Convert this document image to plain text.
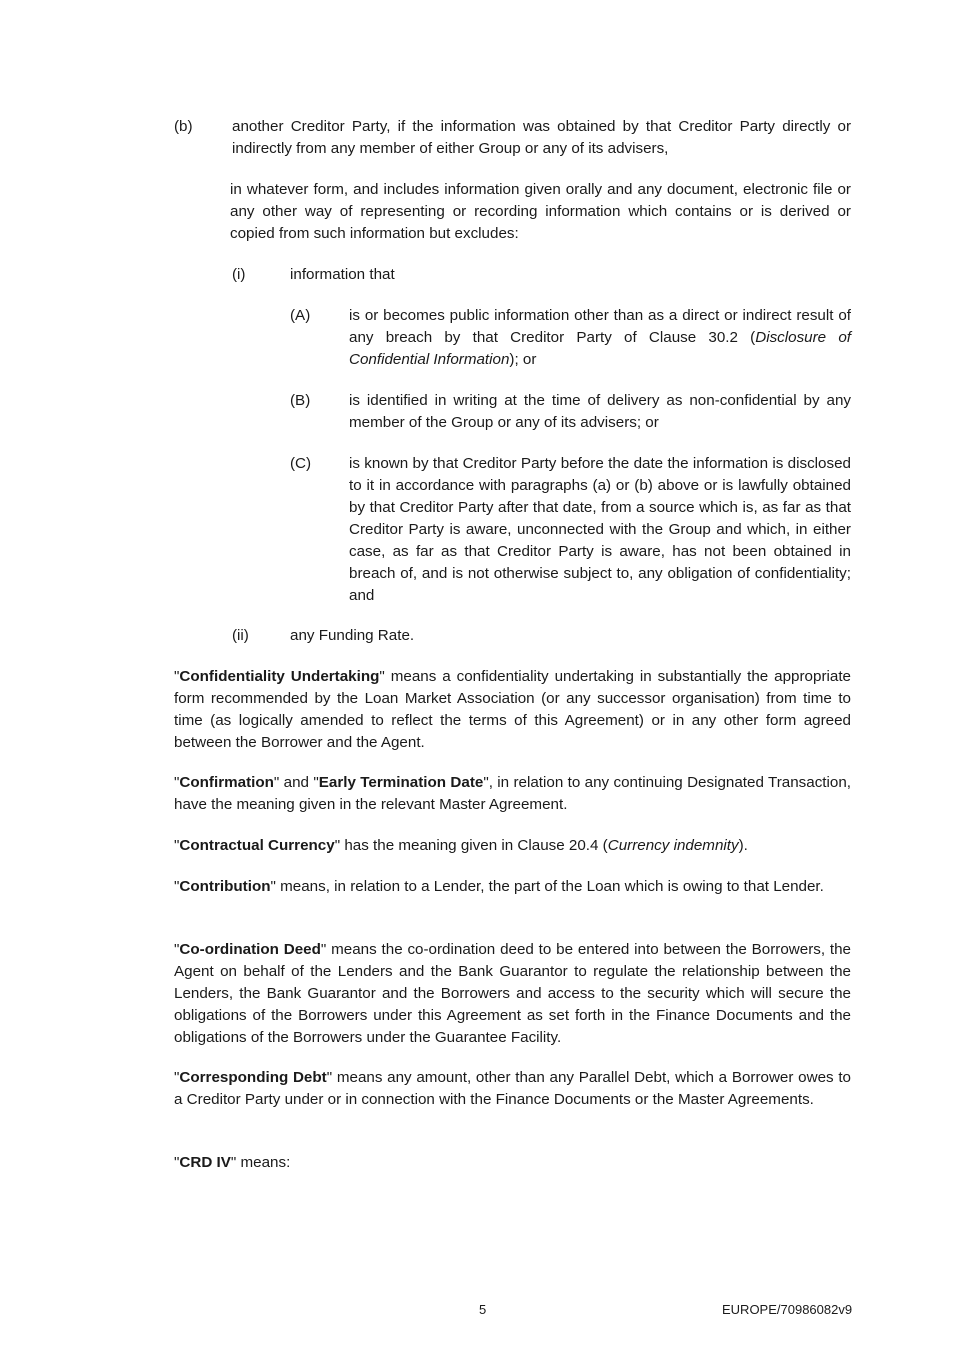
(b)	another Creditor Party, if the information was obtained by that Creditor Party directly or indirectly from any member of either Group or any of its advisers,

in whatever form, and includes information given orally and any document, electronic file or any other way of representing or recording information which contains or is derived or copied from such information but excludes:

(i)	information that

(A)	is or becomes public information other than as a direct or indirect result of any breach by that Creditor Party of Clause 30.2 (Disclosure of Confidential Information); or

(B)	is identified in writing at the time of delivery as non-confidential by any member of the Group or any of its advisers; or

(C) is known by that Creditor Party before the date the information is disclosed to it in accordance with paragraphs (a) or (b) above or is lawfully obtained by that Creditor Party after that date, from a source which is, as far as that Creditor Party is aware, unconnected with the Group and which, in either case, as far as that Creditor Party is aware, has not been obtained in breach of, and is not otherwise subject to, any obligation of confidentiality; and

(ii)	any Funding Rate.

"Confidentiality Undertaking" means a confidentiality undertaking in substantially the appropriate form recommended by the Loan Market Association (or any successor organisation) from time to time (as logically amended to reflect the terms of this Agreement) or in any other form agreed between the Borrower and the Agent.

"Confirmation" and "Early Termination Date", in relation to any continuing Designated Transaction, have the meaning given in the relevant Master Agreement.

"Contractual Currency" has the meaning given in Clause 20.4 (Currency indemnity).

"Contribution" means, in relation to a Lender, the part of the Loan which is owing to that Lender.

"Co-ordination Deed" means the co-ordination deed to be entered into between the Borrowers, the Agent on behalf of the Lenders and the Bank Guarantor to regulate the relationship between the Lenders, the Bank Guarantor and the Borrowers and access to the security which will secure the obligations of the Borrowers under this Agreement as set forth in the Finance Documents and the obligations of the Borrowers under the Guarantee Facility.

"Corresponding Debt" means any amount, other than any Parallel Debt, which a Borrower owes to a Creditor Party under or in connection with the Finance Documents or the Master Agreements.

"CRD IV" means:

5	EUROPE/70986082v9
